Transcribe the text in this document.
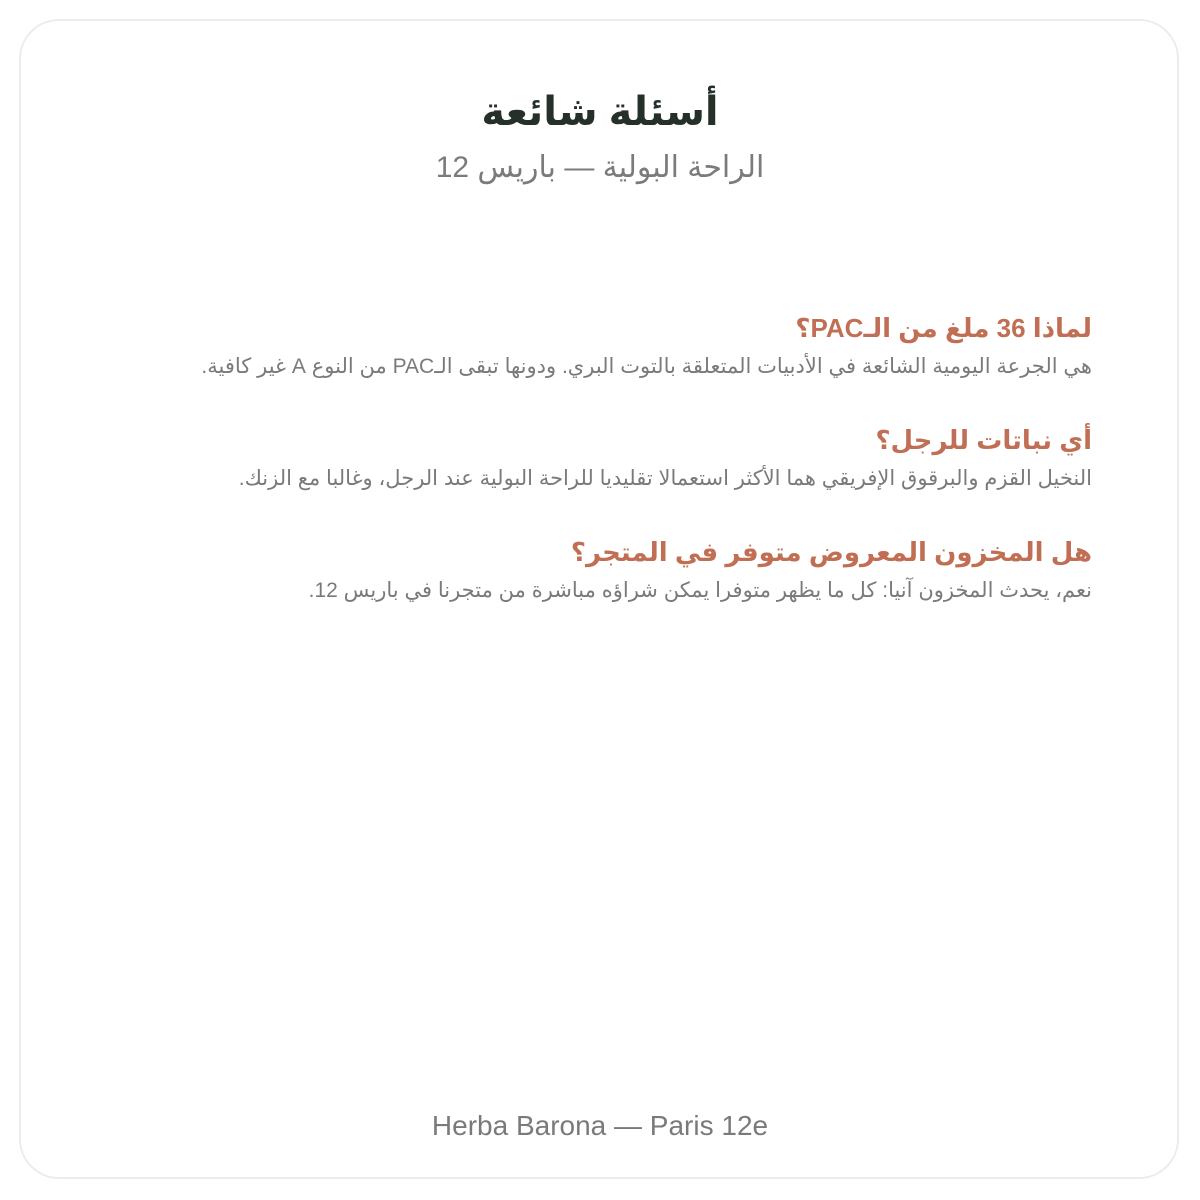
أسئلة شائعة

الراحة البولية — باريس 12

لماذا 36 ملغ من الـPAC؟

هي الجرعة اليومية الشائعة في الأدبيات المتعلقة بالتوت البري. ودونها تبقى الـPAC من النوع A غير كافية.

أي نباتات للرجل؟

النخيل القزم والبرقوق الإفريقي هما الأكثر استعمالا تقليديا للراحة البولية عند الرجل، وغالبا مع الزنك.

هل المخزون المعروض متوفر في المتجر؟

نعم، يحدث المخزون آنيا: كل ما يظهر متوفرا يمكن شراؤه مباشرة من متجرنا في باريس 12.

Herba Barona — Paris 12e
